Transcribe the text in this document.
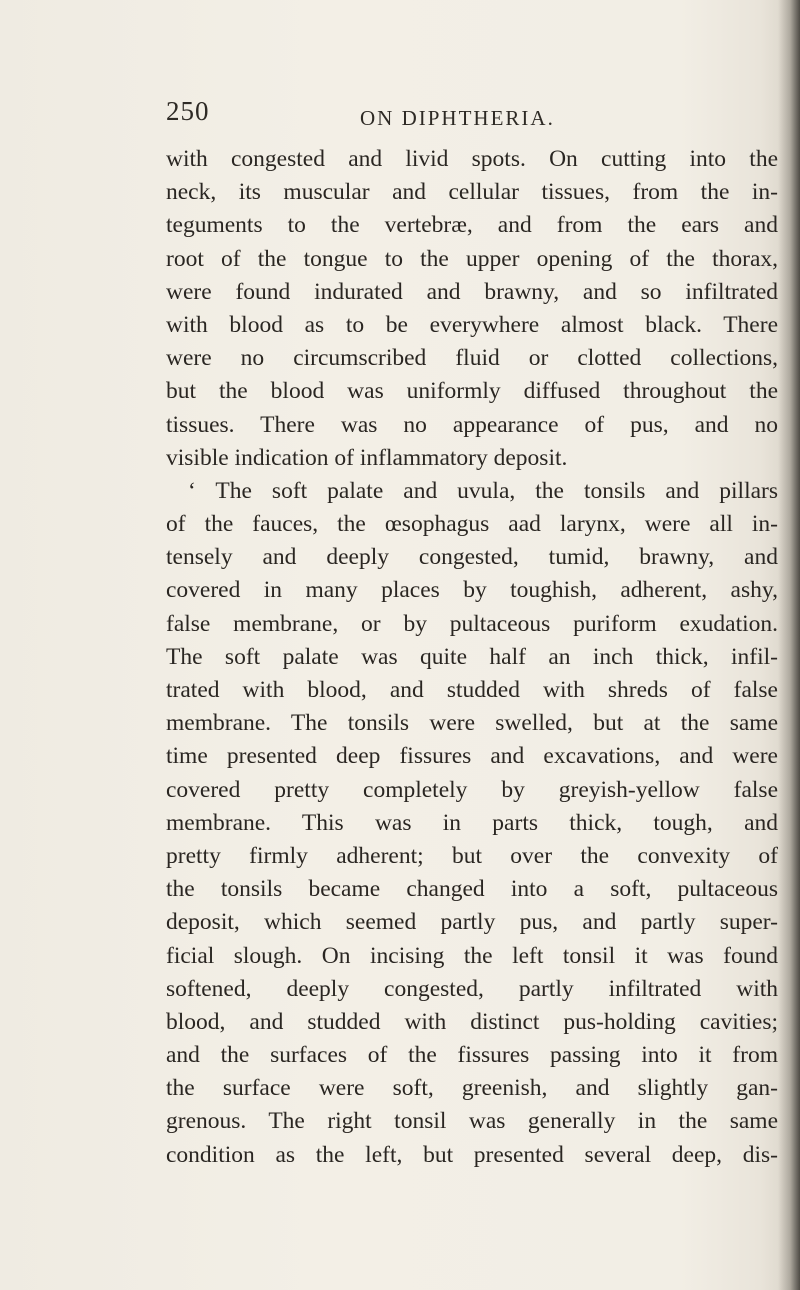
250	ON DIPHTHERIA.
with congested and livid spots. On cutting into the
neck, its muscular and cellular tissues, from the in-
teguments to the vertebræ, and from the ears and
root of the tongue to the upper opening of the thorax,
were found indurated and brawny, and so infiltrated
with blood as to be everywhere almost black. There
were no circumscribed fluid or clotted collections,
but the blood was uniformly diffused throughout the
tissues. There was no appearance of pus, and no
visible indication of inflammatory deposit.
‘ The soft palate and uvula, the tonsils and pillars
of the fauces, the œsophagus aad larynx, were all in-
tensely and deeply congested, tumid, brawny, and
covered in many places by toughish, adherent, ashy,
false membrane, or by pultaceous puriform exudation.
The soft palate was quite half an inch thick, infil-
trated with blood, and studded with shreds of false
membrane. The tonsils were swelled, but at the same
time presented deep fissures and excavations, and were
covered pretty completely by greyish-yellow false
membrane. This was in parts thick, tough, and
pretty firmly adherent; but over the convexity of
the tonsils became changed into a soft, pultaceous
deposit, which seemed partly pus, and partly super-
ficial slough. On incising the left tonsil it was found
softened, deeply congested, partly infiltrated with
blood, and studded with distinct pus-holding cavities;
and the surfaces of the fissures passing into it from
the surface were soft, greenish, and slightly gan-
grenous. The right tonsil was generally in the same
condition as the left, but presented several deep, dis-
